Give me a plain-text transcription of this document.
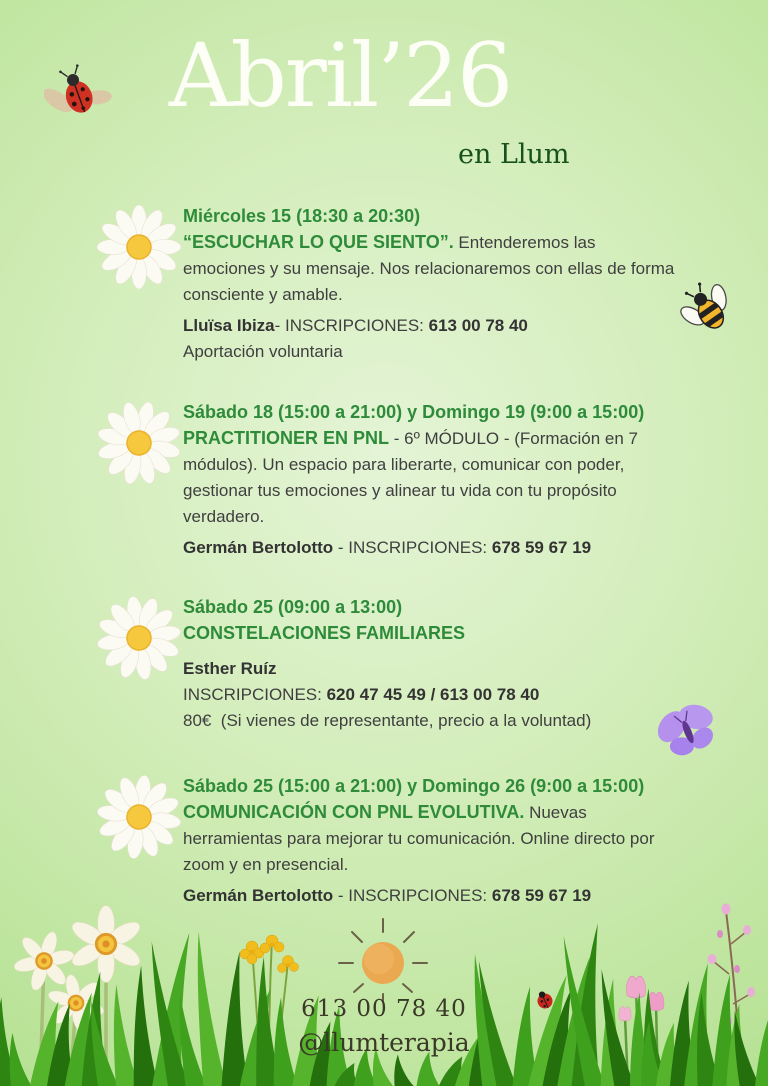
Abril’26
en Llum

Miércoles 15 (18:30 a 20:30)

“ESCUCHAR LO QUE SIENTO”. Entenderemos las emociones y su mensaje. Nos relacionaremos con ellas de forma consciente y amable.

Lluïsa Ibiza- INSCRIPCIONES: 613 00 78 40

Aportación voluntaria

Sábado 18 (15:00 a 21:00) y Domingo 19 (9:00 a 15:00)

PRACTITIONER EN PNL - 6º MÓDULO - (Formación en 7 módulos). Un espacio para liberarte, comunicar con poder, gestionar tus emociones y alinear tu vida con tu propósito verdadero.

Germán Bertolotto - INSCRIPCIONES: 678 59 67 19

Sábado 25 (09:00 a 13:00)

CONSTELACIONES FAMILIARES

Esther Ruíz

INSCRIPCIONES: 620 47 45 49 / 613 00 78 40

80€  (Si vienes de representante, precio a la voluntad)

Sábado 25 (15:00 a 21:00) y Domingo 26 (9:00 a 15:00)

COMUNICACIÓN CON PNL EVOLUTIVA. Nuevas herramientas para mejorar tu comunicación. Online directo por zoom y en presencial.

Germán Bertolotto - INSCRIPCIONES: 678 59 67 19

613 00 78 40
@llumterapia
